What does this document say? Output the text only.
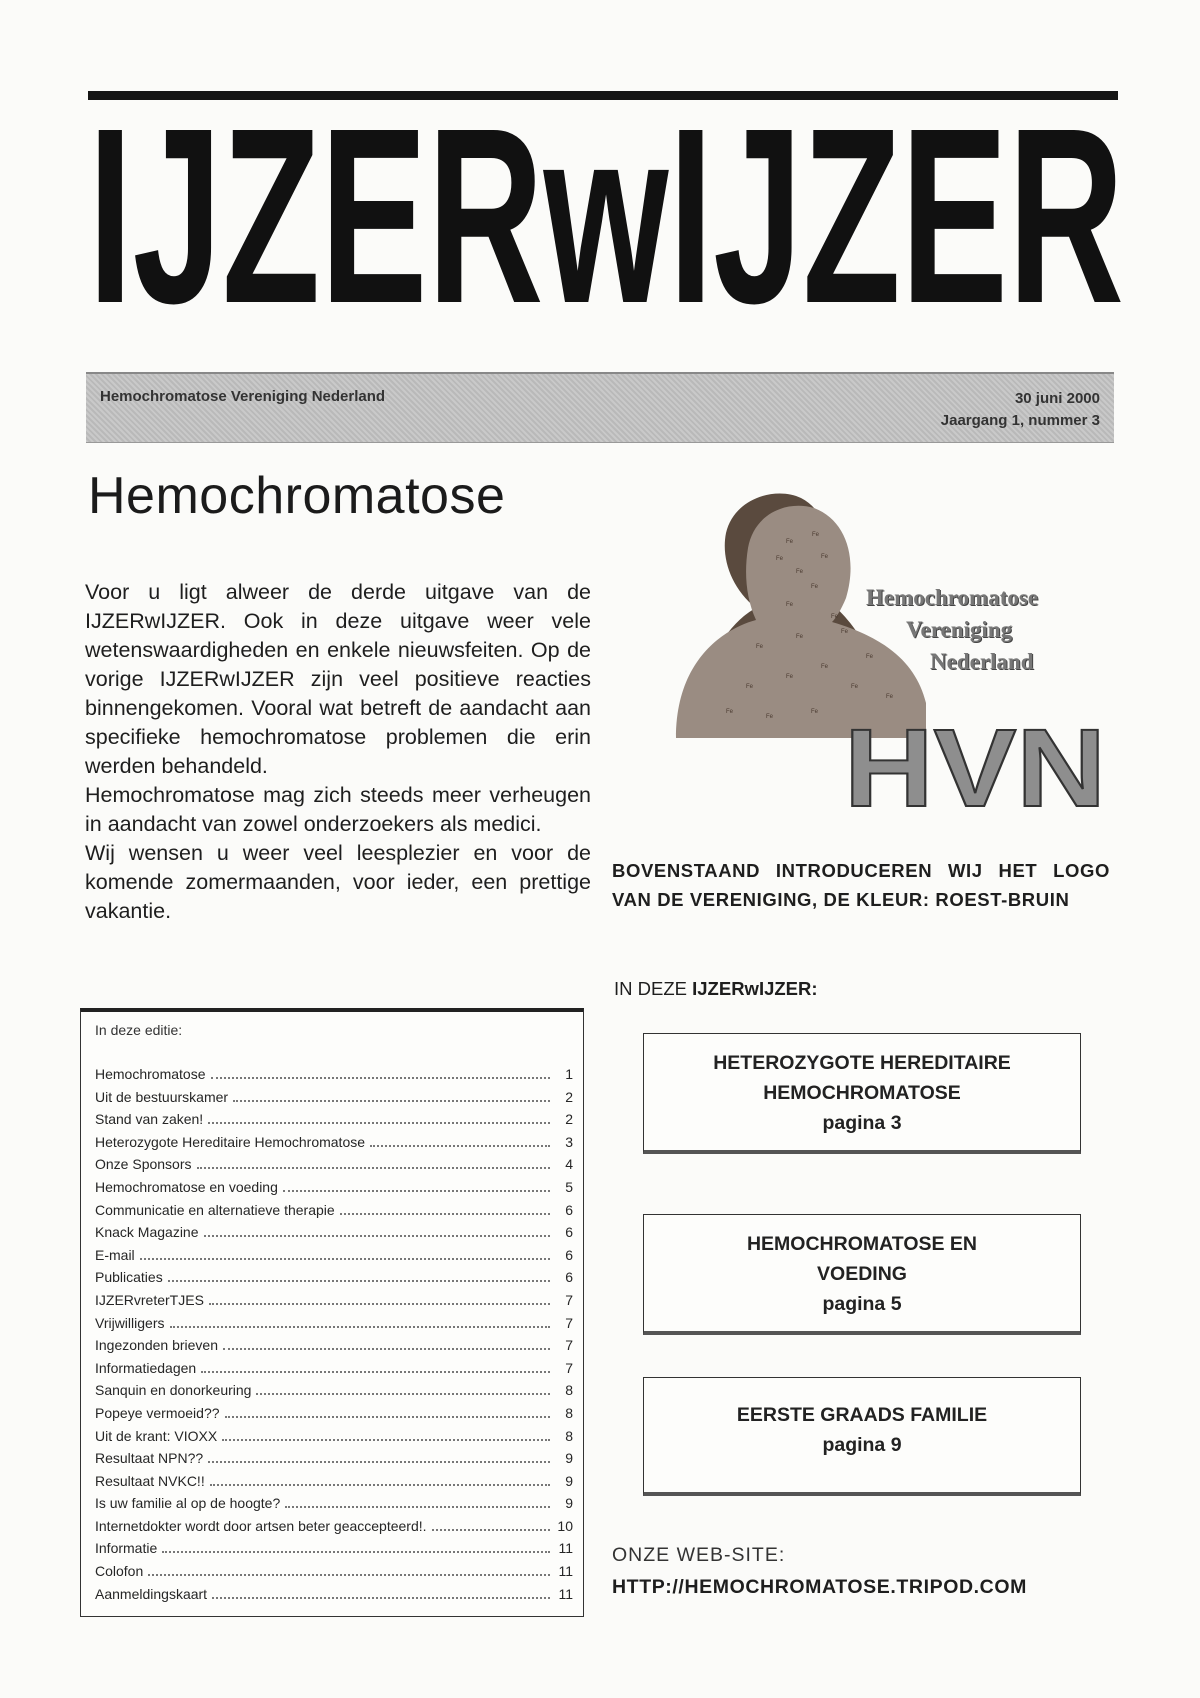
IJZERwIJZER
Hemochromatose Vereniging Nederland	30 juni 2000
Jaargang 1, nummer 3
Hemochromatose

Voor u ligt alweer de derde uitgave van de IJZERwIJZER. Ook in deze uitgave weer vele wetenswaardigheden en enkele nieuwsfeiten. Op de vorige IJZERwIJZER zijn veel positieve reacties binnengekomen. Vooral wat betreft de aandacht aan specifieke hemochromatose problemen die erin werden behandeld.

Hemochromatose mag zich steeds meer verheugen in aandacht van zowel onderzoekers als medici.

Wij wensen u weer veel leesplezier en voor de komende zomermaanden, voor ieder, een prettige vakantie.

In deze editie:
Hemochromatose	1
Uit de bestuurskamer	2
Stand van zaken!	2
Heterozygote Hereditaire Hemochromatose	3
Onze Sponsors	4
Hemochromatose en voeding	5
Communicatie en alternatieve therapie	6
Knack Magazine	6
E-mail	6
Publicaties	6
IJZERvreterTJES	7
Vrijwilligers	7
Ingezonden brieven	7
Informatiedagen	7
Sanquin en donorkeuring	8
Popeye vermoeid??	8
Uit de krant: VIOXX	8
Resultaat NPN??	9
Resultaat NVKC!!	9
Is uw familie al op de hoogte?	9
Internetdokter wordt door artsen beter geaccepteerd!.	10
Informatie	11
Colofon	11
Aanmeldingskaart	11
Fe
Fe
Fe
Fe
Fe
Fe
Fe
Fe
Fe
Fe
Fe
Fe
Fe
Fe
Fe
Fe
Fe
Fe
Fe
Fe
HVN
Hemochromatose
Vereniging
Nederland
BOVENSTAAND INTRODUCEREN WIJ HET LOGO VAN DE VERENIGING, DE KLEUR: ROEST-BRUIN
IN DEZE IJZERwIJZER:
HETEROZYGOTE HEREDITAIRE
HEMOCHROMATOSE
pagina 3
HEMOCHROMATOSE EN
VOEDING
pagina 5
EERSTE GRAADS FAMILIE
pagina 9
ONZE WEB-SITE:
HTTP://HEMOCHROMATOSE.TRIPOD.COM
